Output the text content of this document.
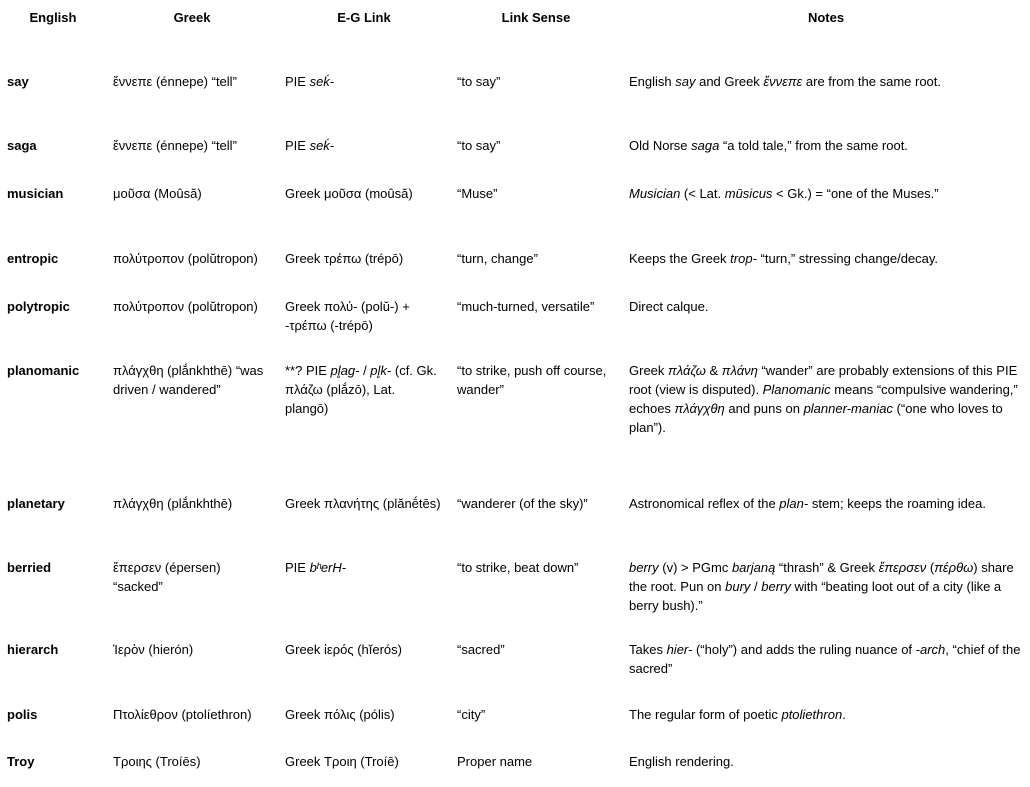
English	Greek	E-G Link	Link Sense	Notes
say	ἔννεπε (énnepe) “tell”	PIE seḱ-	“to say”	English say and Greek ἔννεπε are from the same root.
saga	ἔννεπε (énnepe) “tell”	PIE seḱ-	“to say”	Old Norse saga “a told tale,” from the same root.
musician	μοῦσα (Moûsă)	Greek μοῦσα (moûsă)	“Muse”	Musician (< Lat. mūsicus < Gk.) = “one of the Muses.”
entropic	πολύτροπον (polŭtropon)	Greek τρέπω (trépō)	“turn, change”	Keeps the Greek trop- “turn,” stressing change/decay.
polytropic	πολύτροπον (polŭtropon)	Greek πολύ- (polŭ-) + -τρέπω (-trépō)	“much-turned, versatile”	Direct calque.
planomanic	πλάγχθη (plắnkhthē) “was driven / wandered”	**? PIE pl̥ag- / pl̥k- (cf. Gk. πλάζω (plắzō), Lat. plangō)	“to strike, push off course, wander”	Greek πλάζω & πλάνη “wander” are probably extensions of this PIE root (view is disputed). Planomanic means “compulsive wandering,” echoes πλάγχθη and puns on planner-maniac (“one who loves to plan”).
planetary	πλάγχθη (plắnkhthē)	Greek πλανήτης (plănḗtēs)	“wanderer (of the sky)”	Astronomical reflex of the plan- stem; keeps the roaming idea.
berried	ἔπερσεν (épersen) “sacked”	PIE bʰerH-	“to strike, beat down”	berry (v) > PGmc barjaną “thrash” & Greek ἔπερσεν (πέρθω) share the root. Pun on bury / berry with “beating loot out of a city (like a berry bush).”
hierarch	Ἱερὸν (hierón)	Greek ἱερός (hĭerós)	“sacred”	Takes hier- (“holy”) and adds the ruling nuance of -arch, “chief of the sacred”
polis	Πτολίεθρον (ptolíethron)	Greek πόλις (pólis)	“city”	The regular form of poetic ptoliethron.
Troy	Τροιης (Troíēs)	Greek Τροιη (Troíē)	Proper name	English rendering.
